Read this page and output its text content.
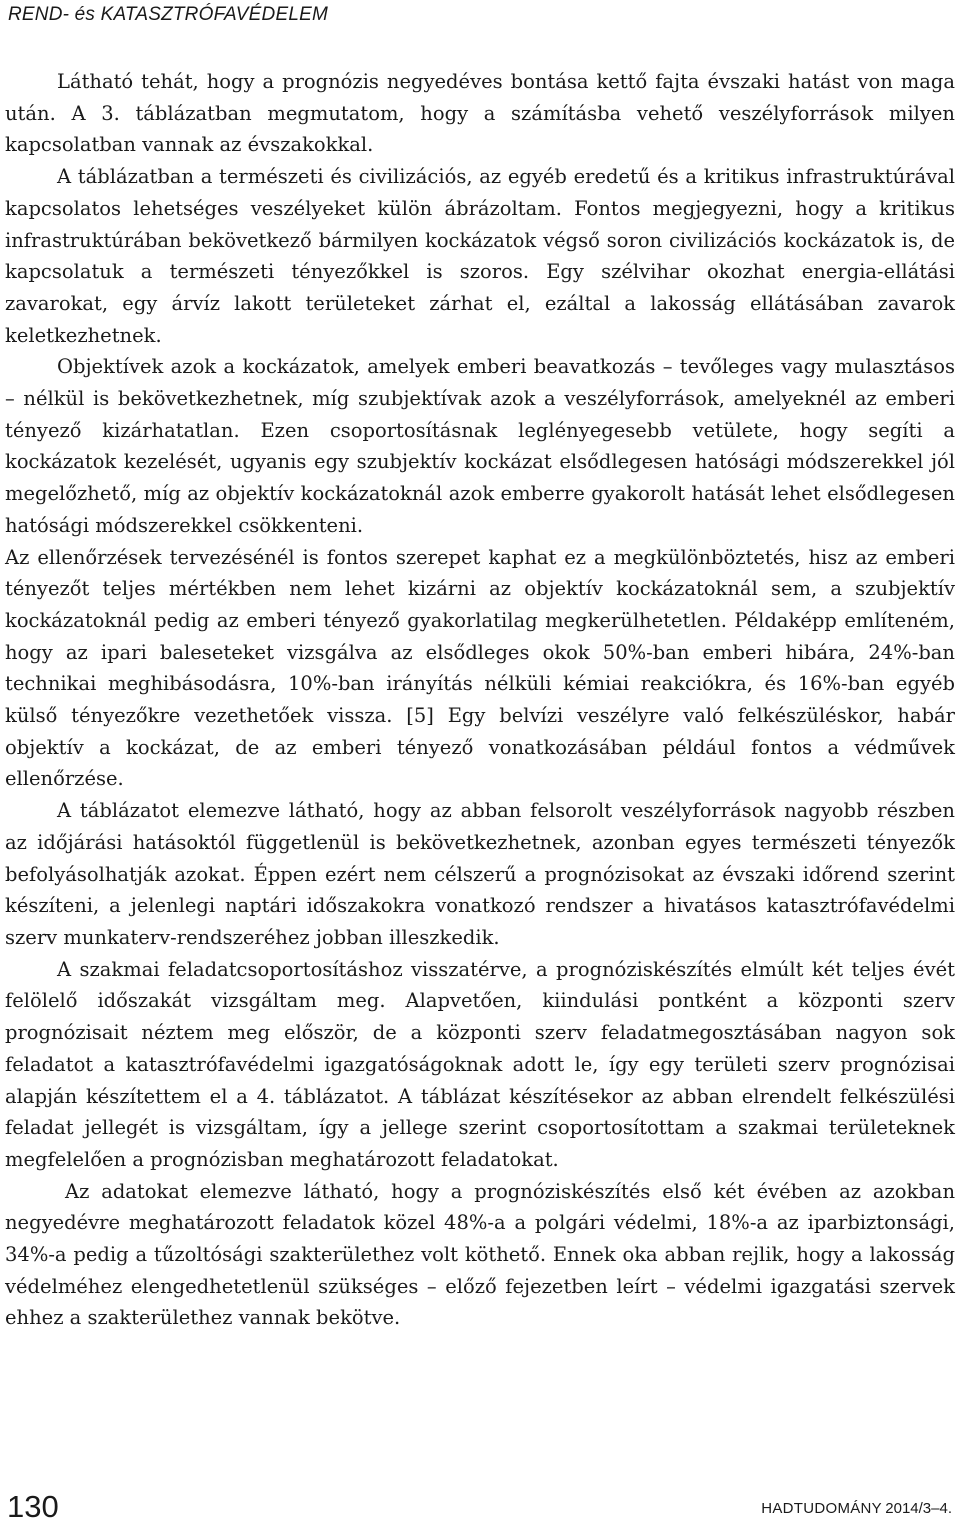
REND- és KATASZTRÓFAVÉDELEM

Látható tehát, hogy a prognózis negyedéves bontása kettő fajta évszaki hatást von maga után. A 3. táblázatban megmutatom, hogy a számításba vehető veszélyforrások milyen kapcsolatban vannak az évszakokkal.

A táblázatban a természeti és civilizációs, az egyéb eredetű és a kritikus infrastruktúrával kapcsolatos lehetséges veszélyeket külön ábrázoltam. Fontos megjegyezni, hogy a kritikus infrastruktúrában bekövetkező bármilyen kockázatok végső soron civilizációs kockázatok is, de kapcsolatuk a természeti tényezőkkel is szoros. Egy szélvihar okozhat energia-ellátási zavarokat, egy árvíz lakott területeket zárhat el, ezáltal a lakosság ellátásában zavarok keletkezhetnek.

Objektívek azok a kockázatok, amelyek emberi beavatkozás – tevőleges vagy mulasztásos – nélkül is bekövetkezhetnek, míg szubjektívak azok a veszélyforrások, amelyeknél az emberi tényező kizárhatatlan. Ezen csoportosításnak leglényegesebb vetülete, hogy segíti a kockázatok kezelését, ugyanis egy szubjektív kockázat elsődlegesen hatósági módszerekkel jól megelőzhető, míg az objektív kockázatoknál azok emberre gyakorolt hatását lehet elsődlegesen hatósági módszerekkel csökkenteni.

Az ellenőrzések tervezésénél is fontos szerepet kaphat ez a megkülönböztetés, hisz az emberi tényezőt teljes mértékben nem lehet kizárni az objektív kockázatoknál sem, a szubjektív kockázatoknál pedig az emberi tényező gyakorlatilag megkerülhetetlen. Példaképp említeném, hogy az ipari baleseteket vizsgálva az elsődleges okok 50%-ban emberi hibára, 24%-ban technikai meghibásodásra, 10%-ban irányítás nélküli kémiai reakciókra, és 16%-ban egyéb külső tényezőkre vezethetőek vissza. [5] Egy belvízi veszélyre való felkészüléskor, habár objektív a kockázat, de az emberi tényező vonatkozásában például fontos a védművek ellenőrzése.

A táblázatot elemezve látható, hogy az abban felsorolt veszélyforrások nagyobb részben az időjárási hatásoktól függetlenül is bekövetkezhetnek, azonban egyes természeti tényezők befolyásolhatják azokat. Éppen ezért nem célszerű a prognózisokat az évszaki időrend szerint készíteni, a jelenlegi naptári időszakokra vonatkozó rendszer a hivatásos katasztrófavédelmi szerv munkaterv-rendszeréhez jobban illeszkedik.

A szakmai feladatcsoportosításhoz visszatérve, a prognóziskészítés elmúlt két teljes évét felölelő időszakát vizsgáltam meg. Alapvetően, kiindulási pontként a központi szerv prognózisait néztem meg először, de a központi szerv feladatmegosztásában nagyon sok feladatot a katasztrófavédelmi igazgatóságoknak adott le, így egy területi szerv prognózisai alapján készítettem el a 4. táblázatot. A táblázat készítésekor az abban elrendelt felkészülési feladat jellegét is vizsgáltam, így a jellege szerint csoportosítottam a szakmai területeknek megfelelően a prognózisban meghatározott feladatokat.

Az adatokat elemezve látható, hogy a prognóziskészítés első két évében az azokban negyedévre meghatározott feladatok közel 48%-a a polgári védelmi, 18%-a az iparbiztonsági, 34%-a pedig a tűzoltósági szakterülethez volt köthető. Ennek oka abban rejlik, hogy a lakosság védelméhez elengedhetetlenül szükséges – előző fejezetben leírt – védelmi igazgatási szervek ehhez a szakterülethez vannak bekötve.

130	HADTUDOMÁNY 2014/3–4.
